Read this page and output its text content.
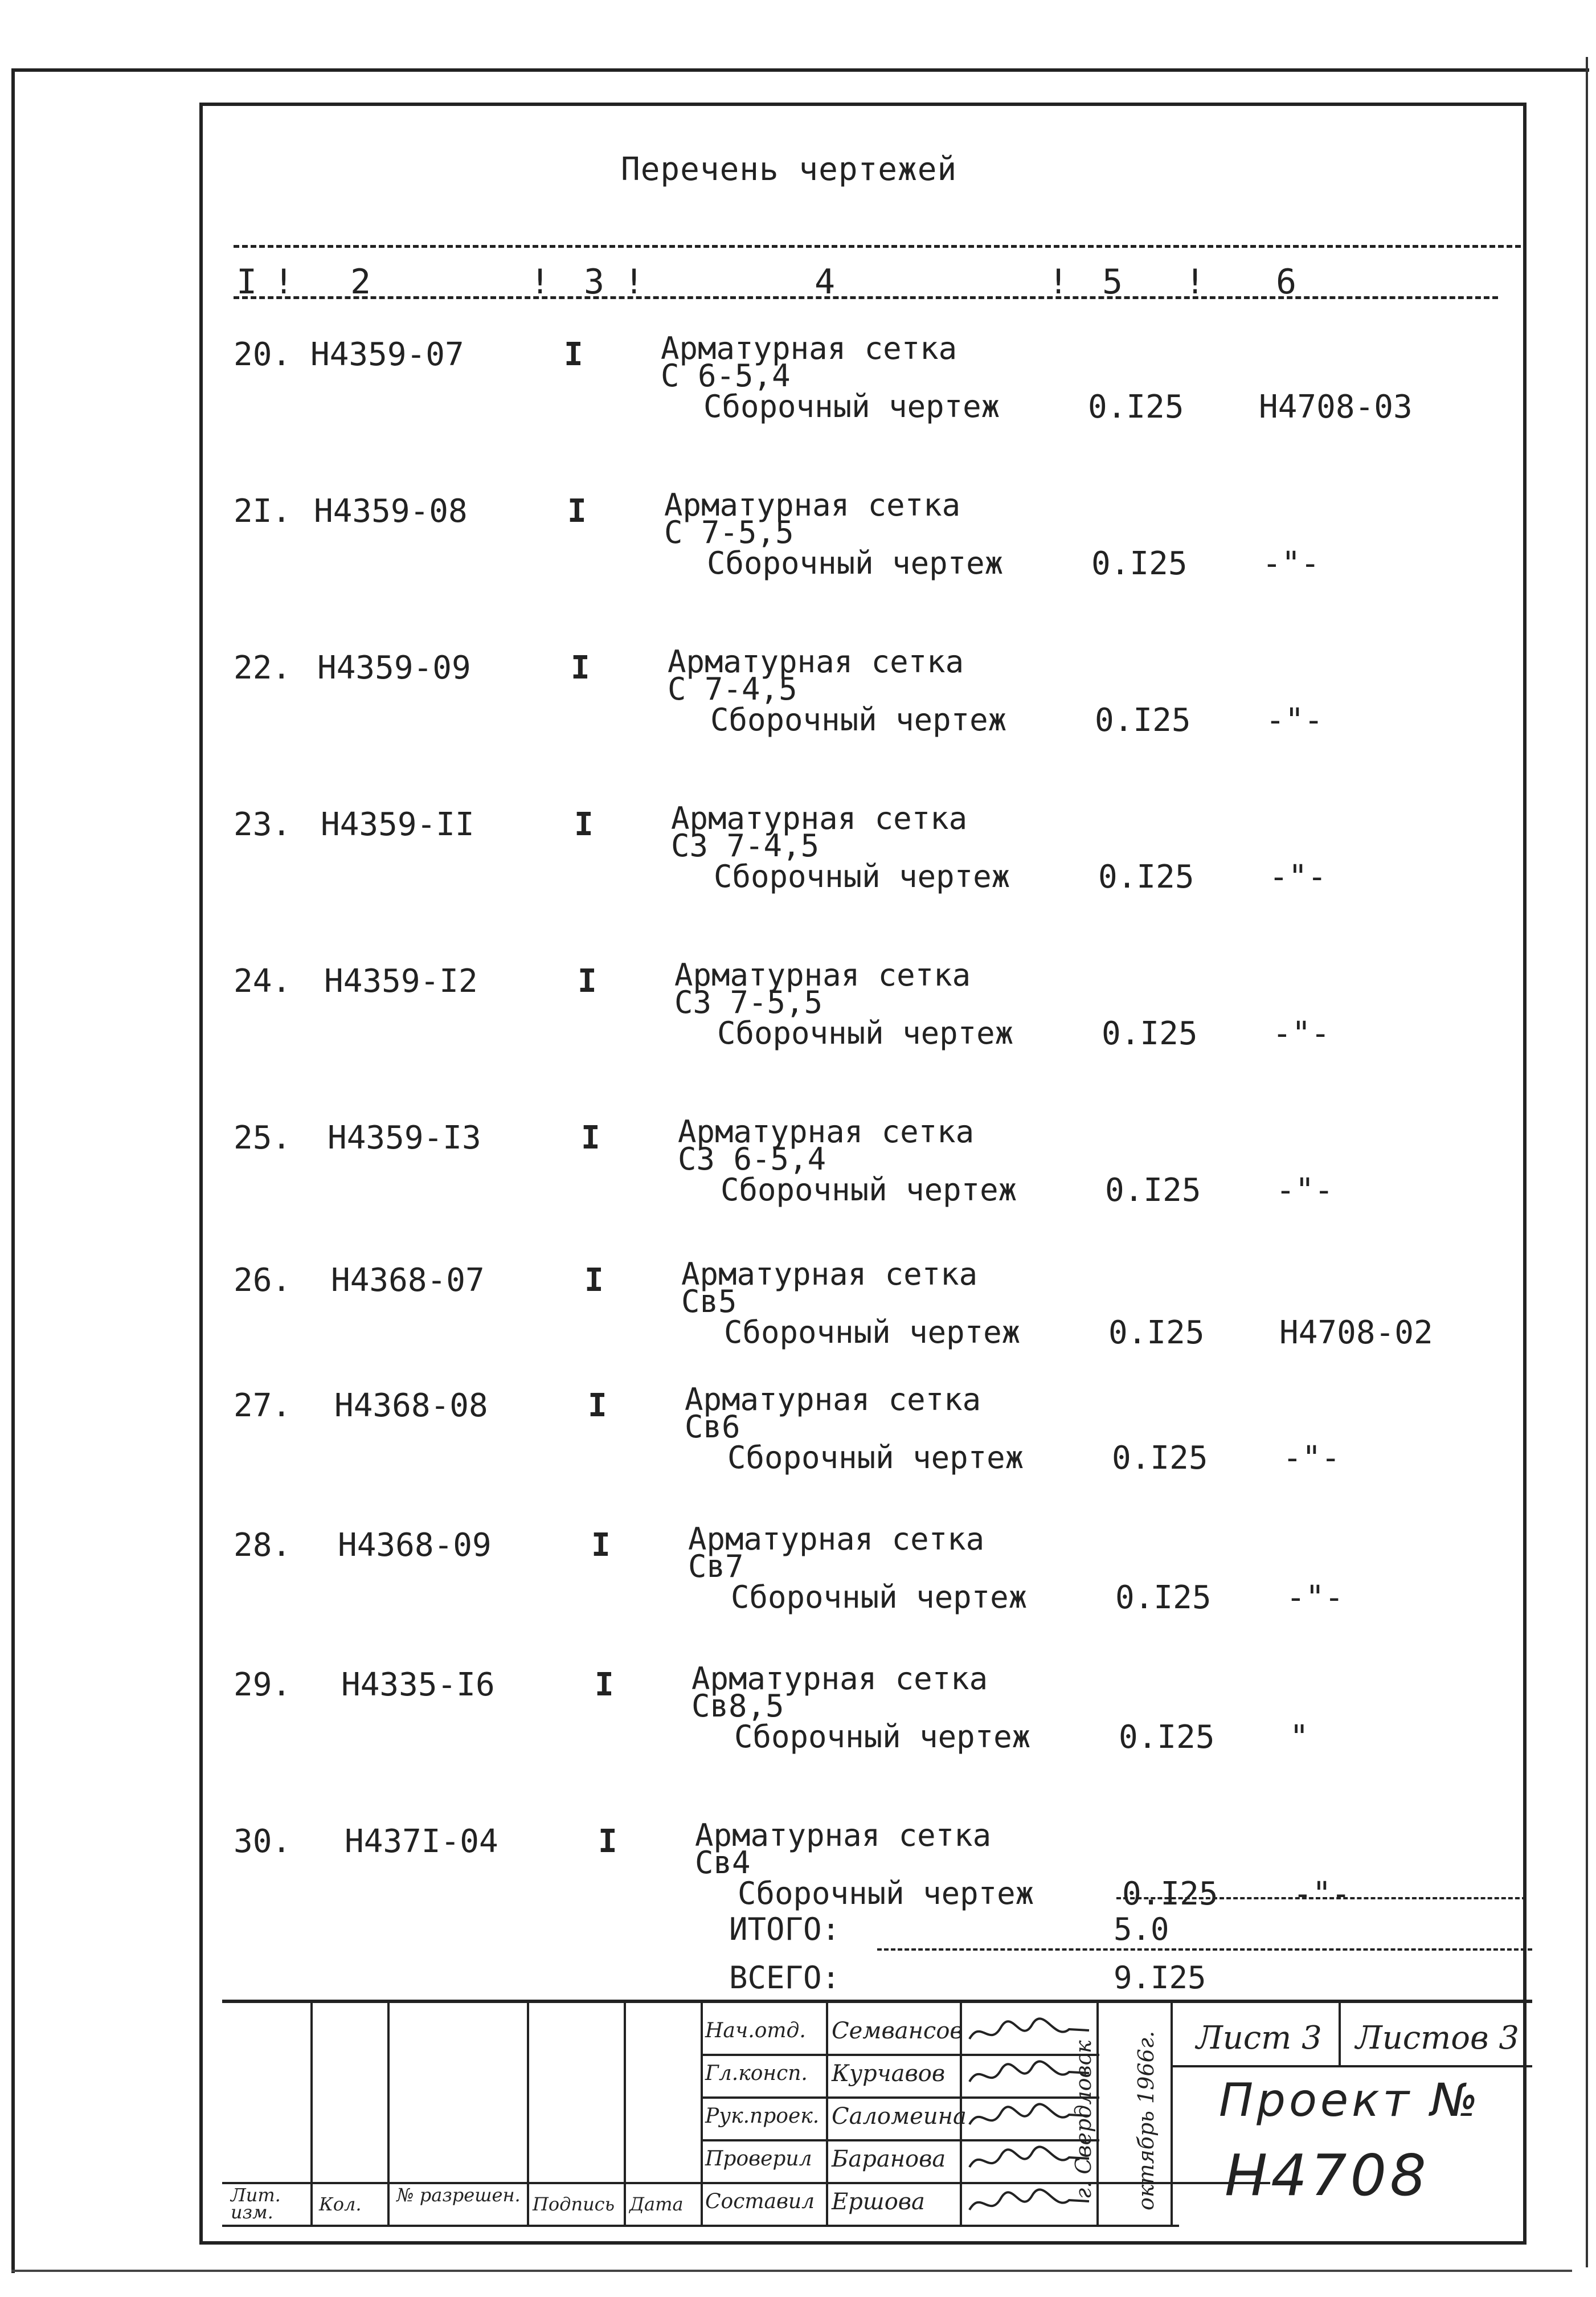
Перечень чертежей
I ! 2	! 3 !	4	! 5 ! 6
20. H4359-07	I	Арматурная сетка
С 6-5,4
Сборочный чертеж	0.I25 H4708-03
2I. H4359-08	I	Арматурная сетка
С 7-5,5
Сборочный чертеж	0.I25 -"-
22. H4359-09	I	Арматурная сетка
С 7-4,5
Сборочный чертеж	0.I25 -"-
23. H4359-II	I	Арматурная сетка
С3 7-4,5
Сборочный чертеж	0.I25 -"-
24. H4359-I2	I	Арматурная сетка
С3 7-5,5
Сборочный чертеж	0.I25 -"-
25. H4359-I3	I	Арматурная сетка
С3 6-5,4
Сборочный чертеж	0.I25 -"-
26. H4368-07	I	Арматурная сетка
Св5
Сборочный чертеж	0.I25 H4708-02
27. H4368-08	I	Арматурная сетка
Св6
Сборочный чертеж	0.I25 -"-
28. H4368-09	I	Арматурная сетка
Св7
Сборочный чертеж	0.I25 -"-
29. H4335-I6	I	Арматурная сетка
Св8,5
Сборочный чертеж	0.I25 "
30. H437I-04	I	Арматурная сетка
Св4
Сборочный чертеж	0.I25 -"-
ИТОГО:	5.0
ВСЕГО:	9.I25
Нач.отд. Семвансов
Гл.консп. Курчавов
Рук.проек. Саломеина
Проверил Баранова
Составил Ершова
Лит. изм.	Кол. № разрешен. Подпись Дата
г. Свердловск октябрь 1966г. Лист 3 Листов 3
Проект №
H4708
